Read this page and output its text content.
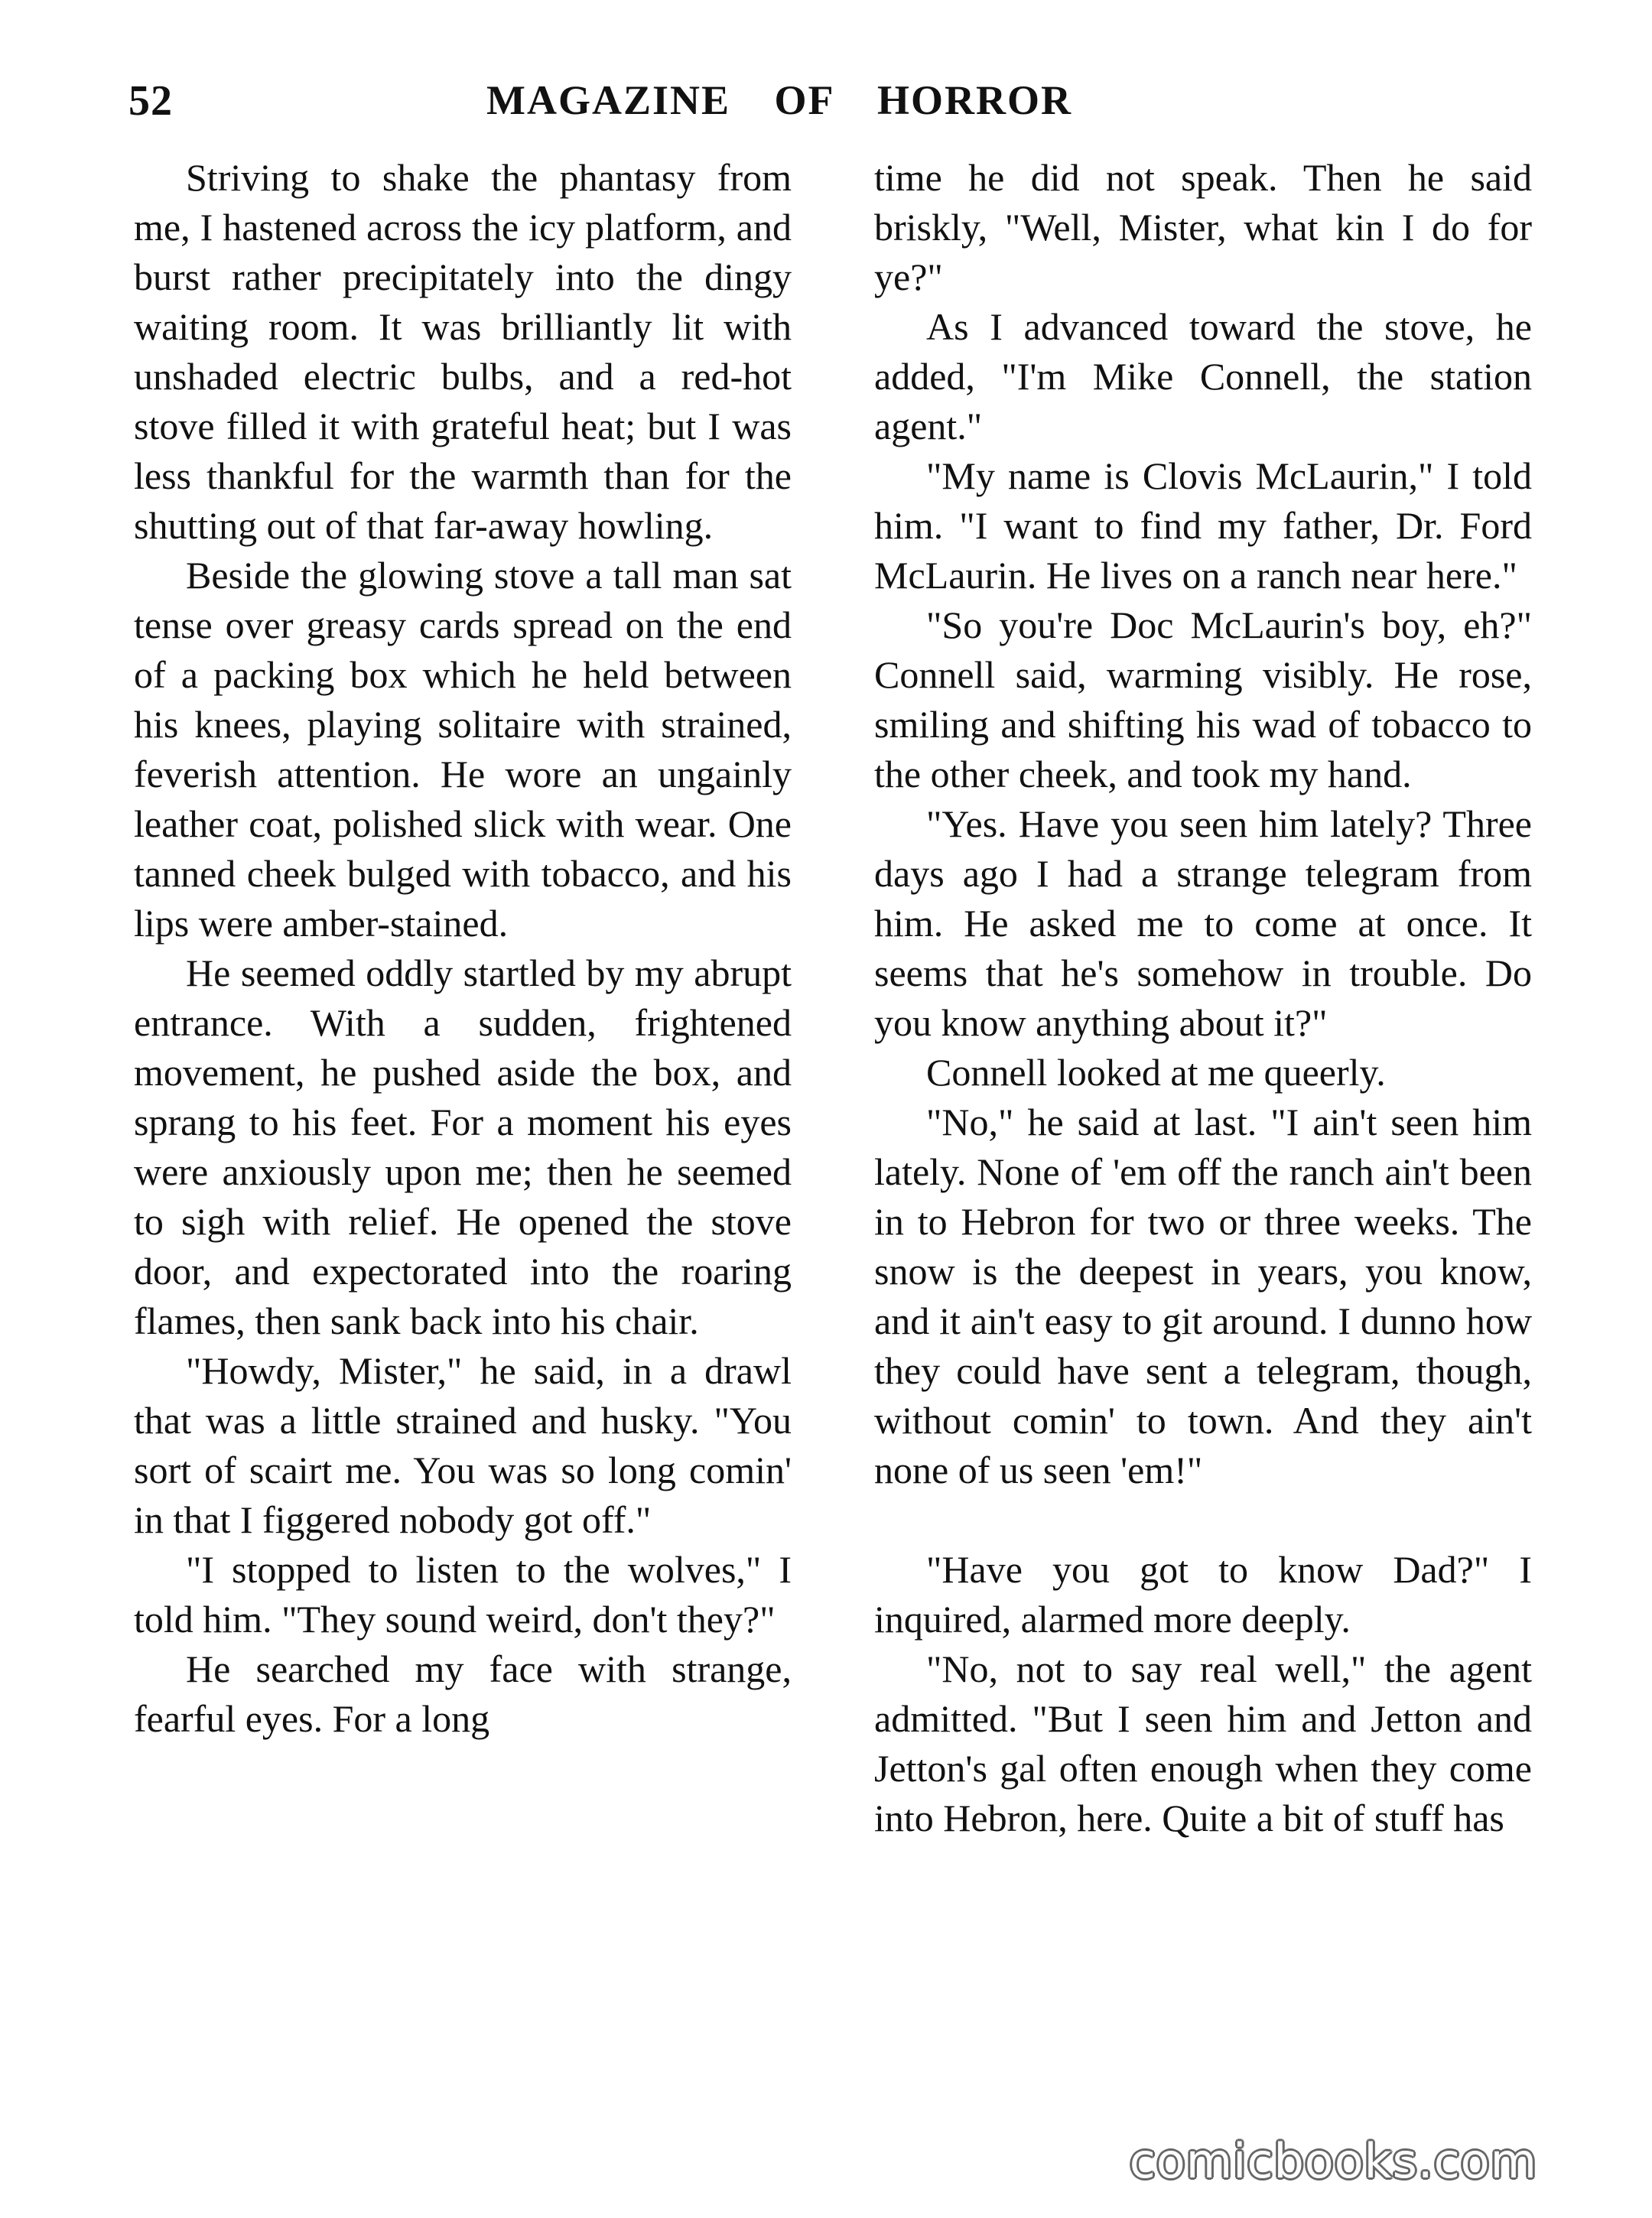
52	MAGAZINE OF HORROR

Striving to shake the phantasy from me, I hastened across the icy platform, and burst rather precipitately into the dingy waiting room. It was brilliantly lit with unshaded electric bulbs, and a red-hot stove filled it with grateful heat; but I was less thankful for the warmth than for the shutting out of that far-away howling.

Beside the glowing stove a tall man sat tense over greasy cards spread on the end of a packing box which he held between his knees, playing solitaire with strained, feverish attention. He wore an ungainly leather coat, polished slick with wear. One tanned cheek bulged with tobacco, and his lips were amber-stained.

He seemed oddly startled by my abrupt entrance. With a sudden, frightened movement, he pushed aside the box, and sprang to his feet. For a moment his eyes were anxiously upon me; then he seemed to sigh with relief. He opened the stove door, and expectorated into the roaring flames, then sank back into his chair.

"Howdy, Mister," he said, in a drawl that was a little strained and husky. "You sort of scairt me. You was so long comin' in that I figgered nobody got off."

"I stopped to listen to the wolves," I told him. "They sound weird, don't they?"

He searched my face with strange, fearful eyes. For a long

time he did not speak. Then he said briskly, "Well, Mister, what kin I do for ye?"

As I advanced toward the stove, he added, "I'm Mike Connell, the station agent."

"My name is Clovis McLaurin," I told him. "I want to find my father, Dr. Ford McLaurin. He lives on a ranch near here."

"So you're Doc McLaurin's boy, eh?" Connell said, warming visibly. He rose, smiling and shifting his wad of tobacco to the other cheek, and took my hand.

"Yes. Have you seen him lately? Three days ago I had a strange telegram from him. He asked me to come at once. It seems that he's somehow in trouble. Do you know anything about it?"

Connell looked at me queerly.

"No," he said at last. "I ain't seen him lately. None of 'em off the ranch ain't been in to Hebron for two or three weeks. The snow is the deepest in years, you know, and it ain't easy to git around. I dunno how they could have sent a telegram, though, without comin' to town. And they ain't none of us seen 'em!"

"Have you got to know Dad?" I inquired, alarmed more deeply.

"No, not to say real well," the agent admitted. "But I seen him and Jetton and Jetton's gal often enough when they come into Hebron, here. Quite a bit of stuff has

comicbooks.com
